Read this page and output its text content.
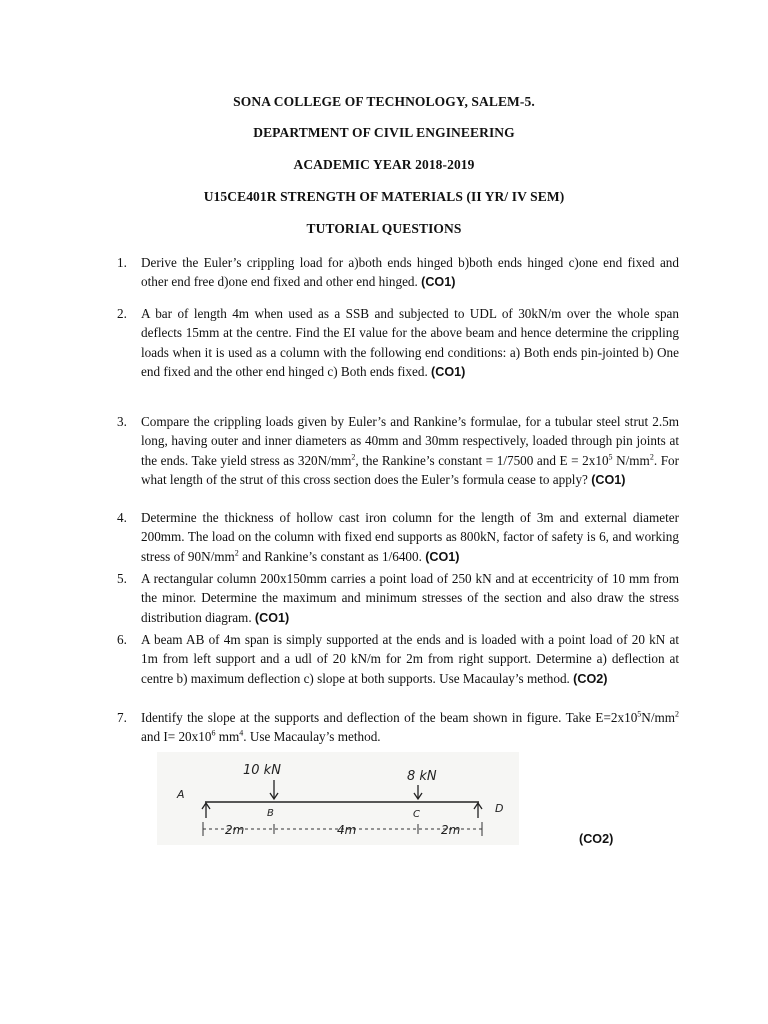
SONA COLLEGE OF TECHNOLOGY, SALEM-5.
DEPARTMENT OF CIVIL ENGINEERING
ACADEMIC YEAR 2018-2019
U15CE401R STRENGTH OF MATERIALS (II YR/ IV SEM)
TUTORIAL QUESTIONS
1. Derive the Euler’s crippling load for a)both ends hinged b)both ends hinged c)one end fixed and other end free d)one end fixed and other end hinged. (CO1)
2. A bar of length 4m when used as a SSB and subjected to UDL of 30kN/m over the whole span deflects 15mm at the centre. Find the EI value for the above beam and hence determine the crippling loads when it is used as a column with the following end conditions: a) Both ends pin-jointed b) One end fixed and the other end hinged c) Both ends fixed. (CO1)
3. Compare the crippling loads given by Euler’s and Rankine’s formulae, for a tubular steel strut 2.5m long, having outer and inner diameters as 40mm and 30mm respectively, loaded through pin joints at the ends. Take yield stress as $320N/mm^2$, the Rankine’s constant = 1/7500 and $E = 2x10^5$ $N/mm^2$. For what length of the strut of this cross section does the Euler’s formula cease to apply? (CO1)
4. Determine the thickness of hollow cast iron column for the length of 3m and external diameter 200mm. The load on the column with fixed end supports as 800kN, factor of safety is 6, and working stress of $90N/mm^2$ and Rankine’s constant as 1/6400. (CO1)
5. A rectangular column 200x150mm carries a point load of 250 kN and at eccentricity of 10 mm from the minor. Determine the maximum and minimum stresses of the section and also draw the stress distribution diagram. (CO1)
6. A beam AB of 4m span is simply supported at the ends and is loaded with a point load of 20 kN at 1m from left support and a udl of 20 kN/m for 2m from right support. Determine a) deflection at centre b) maximum deflection c) slope at both supports. Use Macaulay’s method. (CO2)
7. Identify the slope at the supports and deflection of the beam shown in figure. Take $E=2x10^5N/mm^2$ and $I= 20x10^6$ $mm^4$. Use Macaulay’s method.
10 kN	8 kN
A
B	C	D
2m	4m	2m
(CO2)
